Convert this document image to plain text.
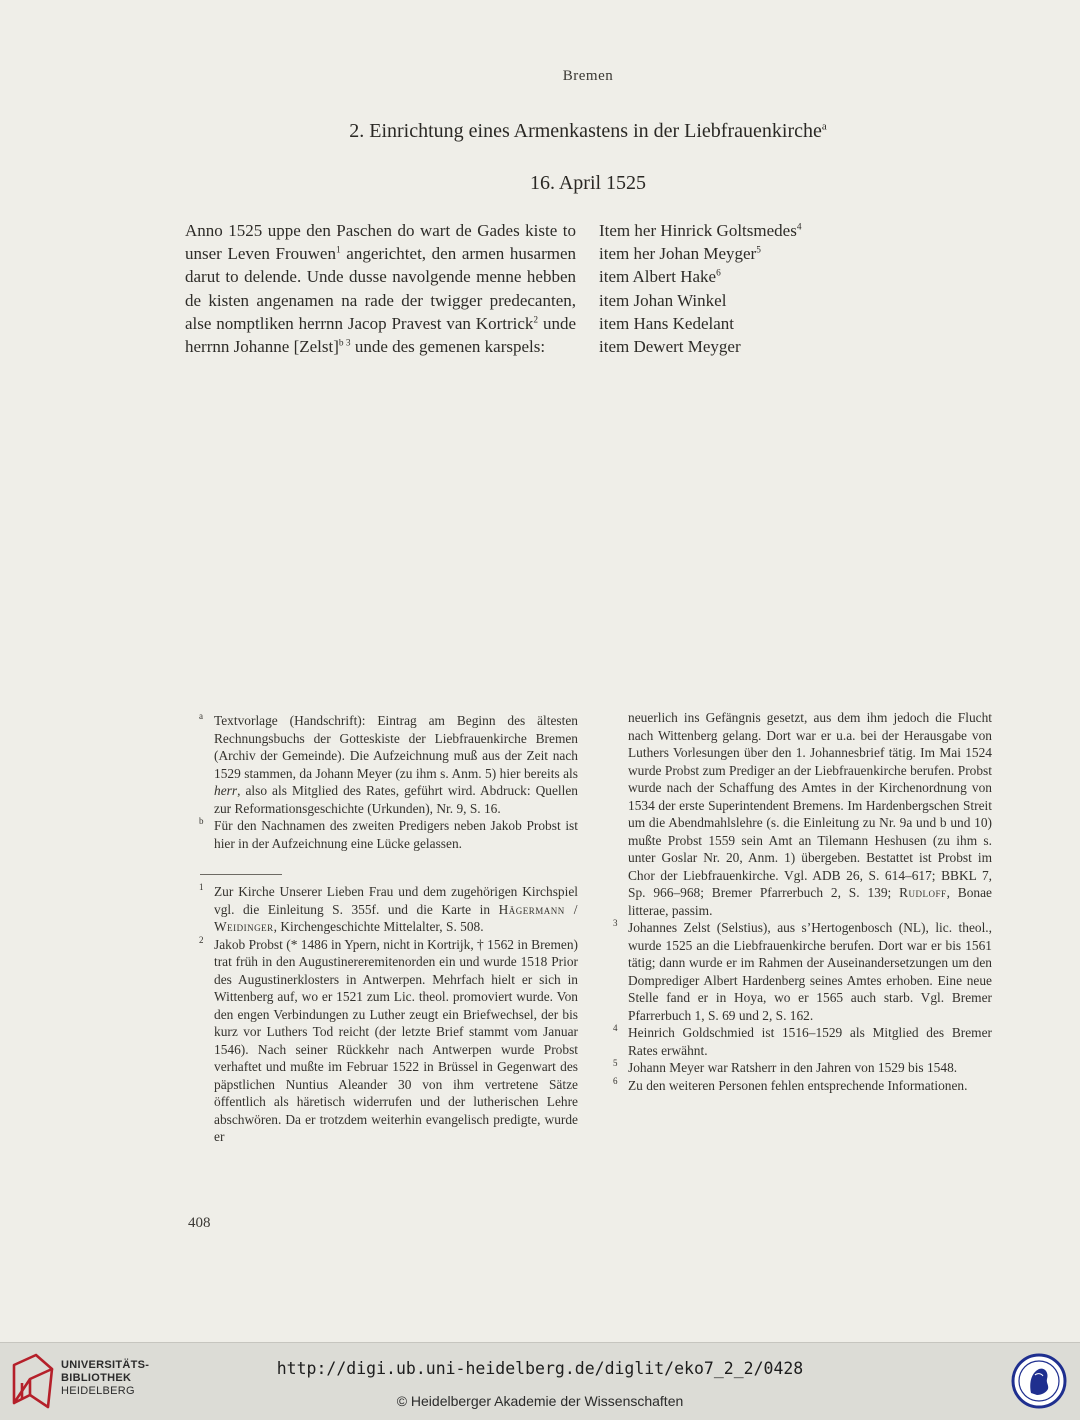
Bremen
2. Einrichtung eines Armenkastens in der Liebfrauenkirche$^a$
16. April 1525
Anno 1525 uppe den Paschen do wart de Gades kiste to unser Leven Frouwen$^1$ angerichtet, den armen husarmen darut to delende. Unde dusse navolgende menne hebben de kisten angenamen na rade der twigger predecanten, alse nomptliken herrnn Jacop Pravest van Kortrick$^2$ unde herrnn Johanne [Zelst]$^{b 3}$ unde des gemenen karspels:
Item her Hinrick Goltsmedes$^4$
item her Johan Meyger$^5$
item Albert Hake$^6$
item Johan Winkel
item Hans Kedelant
item Dewert Meyger
a Textvorlage (Handschrift): Eintrag am Beginn des ältesten Rechnungsbuchs der Gotteskiste der Liebfrauenkirche Bremen (Archiv der Gemeinde). Die Aufzeichnung muß aus der Zeit nach 1529 stammen, da Johann Meyer (zu ihm s. Anm. 5) hier bereits als herr, also als Mitglied des Rates, geführt wird. Abdruck: Quellen zur Reformationsgeschichte (Urkunden), Nr. 9, S. 16.
b Für den Nachnamen des zweiten Predigers neben Jakob Probst ist hier in der Aufzeichnung eine Lücke gelassen.
1 Zur Kirche Unserer Lieben Frau und dem zugehörigen Kirchspiel vgl. die Einleitung S. 355f. und die Karte in Hägermann / Weidinger, Kirchengeschichte Mittelalter, S. 508.
2 Jakob Probst (* 1486 in Ypern, nicht in Kortrijk, † 1562 in Bremen) trat früh in den Augustinereremitenorden ein und wurde 1518 Prior des Augustinerklosters in Antwerpen. Mehrfach hielt er sich in Wittenberg auf, wo er 1521 zum Lic. theol. promoviert wurde. Von den engen Verbindungen zu Luther zeugt ein Briefwechsel, der bis kurz vor Luthers Tod reicht (der letzte Brief stammt vom Januar 1546). Nach seiner Rückkehr nach Antwerpen wurde Probst verhaftet und mußte im Februar 1522 in Brüssel in Gegenwart des päpstlichen Nuntius Aleander 30 von ihm vertretene Sätze öffentlich als häretisch widerrufen und der lutherischen Lehre abschwören. Da er trotzdem weiterhin evangelisch predigte, wurde er
neuerlich ins Gefängnis gesetzt, aus dem ihm jedoch die Flucht nach Wittenberg gelang. Dort war er u.a. bei der Herausgabe von Luthers Vorlesungen über den 1. Johannesbrief tätig. Im Mai 1524 wurde Probst zum Prediger an der Liebfrauenkirche berufen. Probst wurde nach der Schaffung des Amtes in der Kirchenordnung von 1534 der erste Superintendent Bremens. Im Hardenbergschen Streit um die Abendmahlslehre (s. die Einleitung zu Nr. 9a und b und 10) mußte Probst 1559 sein Amt an Tilemann Heshusen (zu ihm s. unter Goslar Nr. 20, Anm. 1) übergeben. Bestattet ist Probst im Chor der Liebfrauenkirche. Vgl. ADB 26, S. 614–617; BBKL 7, Sp. 966–968; Bremer Pfarrerbuch 2, S. 139; Rudloff, Bonae litterae, passim.
3 Johannes Zelst (Selstius), aus s’Hertogenbosch (NL), lic. theol., wurde 1525 an die Liebfrauenkirche berufen. Dort war er bis 1561 tätig; dann wurde er im Rahmen der Auseinandersetzungen um den Domprediger Albert Hardenberg seines Amtes erhoben. Eine neue Stelle fand er in Hoya, wo er 1565 auch starb. Vgl. Bremer Pfarrerbuch 1, S. 69 und 2, S. 162.
4 Heinrich Goldschmied ist 1516–1529 als Mitglied des Bremer Rates erwähnt.
5 Johann Meyer war Ratsherr in den Jahren von 1529 bis 1548.
6 Zu den weiteren Personen fehlen entsprechende Informationen.
408
UNIVERSITÄTS-
BIBLIOTHEK
HEIDELBERG
http://digi.ub.uni-heidelberg.de/diglit/eko7_2_2/0428
© Heidelberger Akademie der Wissenschaften
